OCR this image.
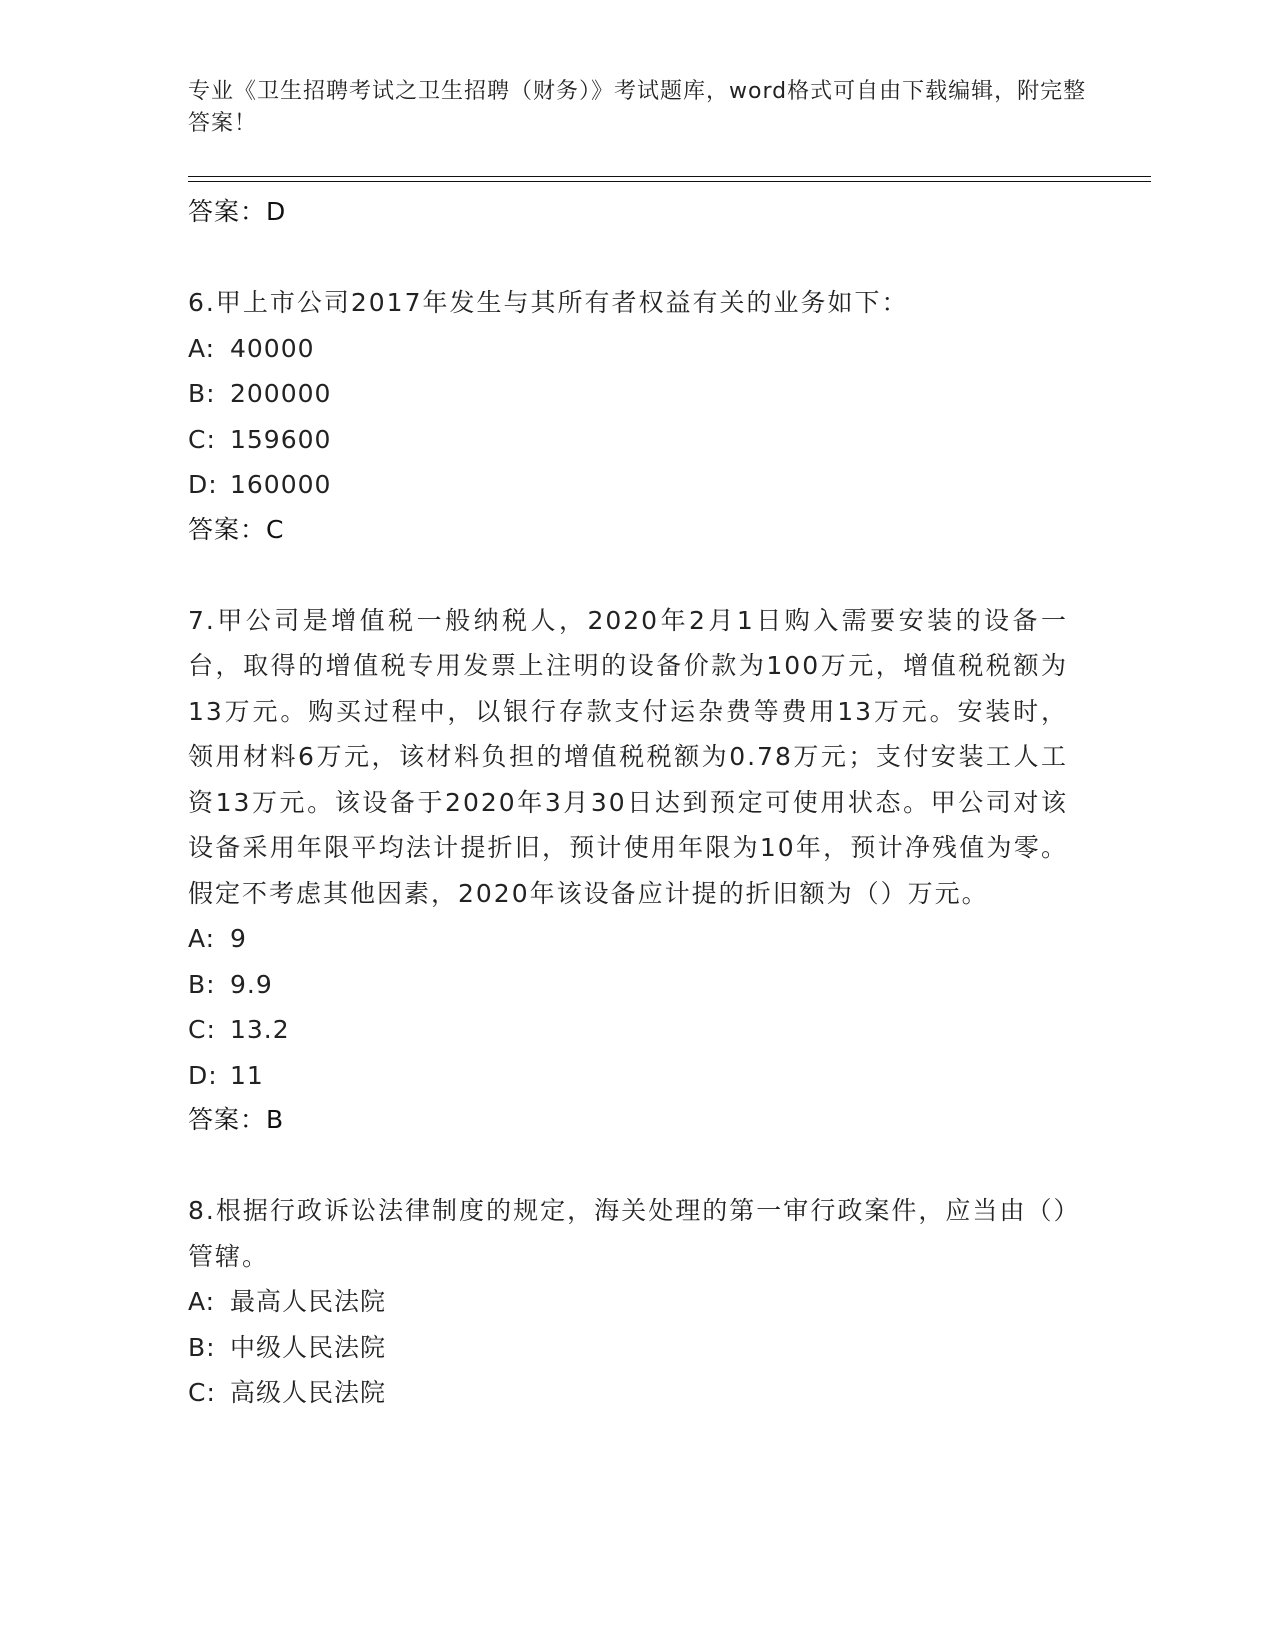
专业《卫生招聘考试之卫生招聘（财务）》考试题库，word格式可自由下载编辑，附完整答案！
答案：D

6.甲上市公司2017年发生与其所有者权益有关的业务如下：

A: 40000
B: 200000
C: 159600
D: 160000
答案：C

7.甲公司是增值税一般纳税人，2020年2月1日购入需要安装的设备一台，取得的增值税专用发票上注明的设备价款为100万元，增值税税额为13万元。购买过程中，以银行存款支付运杂费等费用13万元。安装时，领用材料6万元，该材料负担的增值税税额为0.78万元；支付安装工人工资13万元。该设备于2020年3月30日达到预定可使用状态。甲公司对该设备采用年限平均法计提折旧，预计使用年限为10年，预计净残值为零。假定不考虑其他因素，2020年该设备应计提的折旧额为（）万元。

A: 9
B: 9.9
C: 13.2
D: 11
答案：B

8.根据行政诉讼法律制度的规定，海关处理的第一审行政案件，应当由（）管辖。

A: 最高人民法院
B: 中级人民法院
C: 高级人民法院
